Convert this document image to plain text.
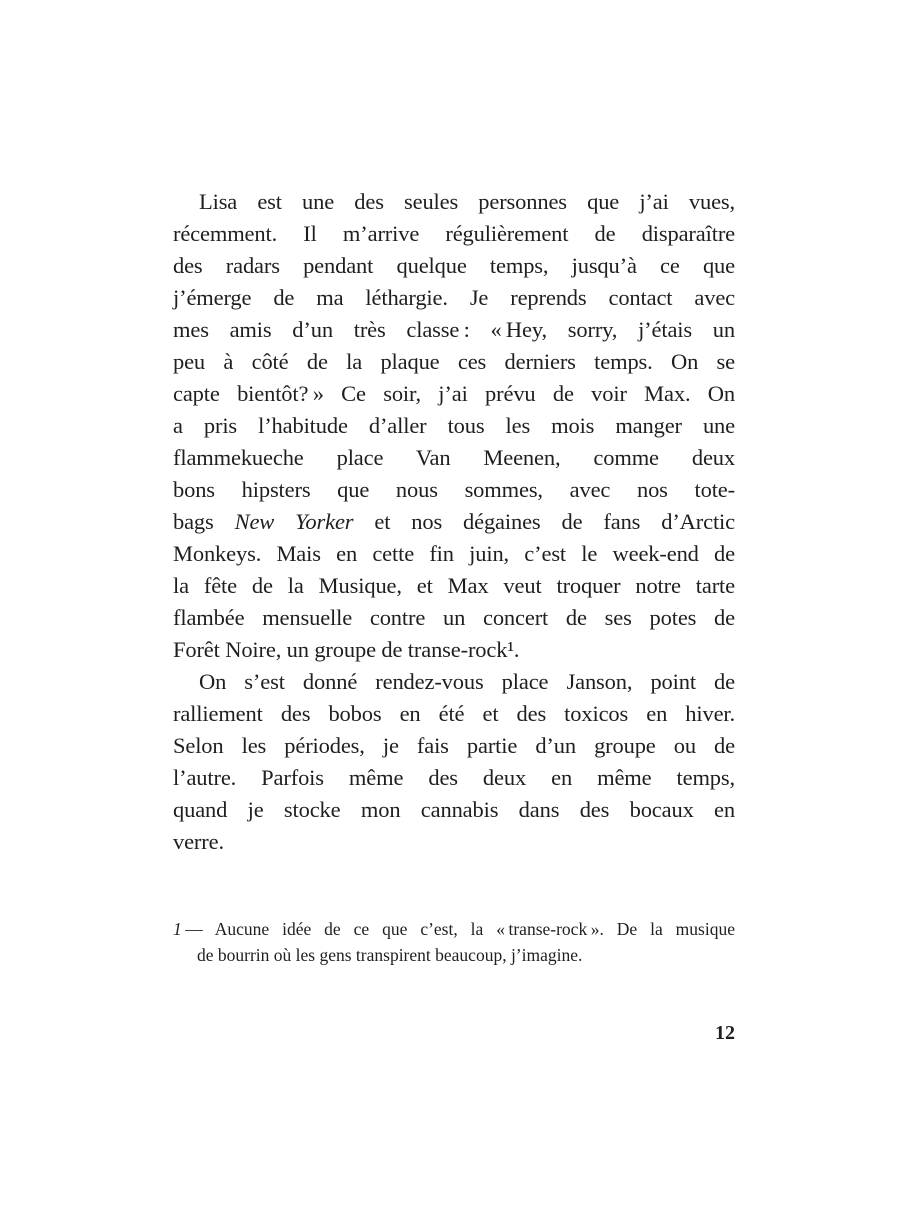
Lisa est une des seules personnes que j’ai vues,
récemment. Il m’arrive régulièrement de disparaître
des radars pendant quelque temps, jusqu’à ce que
j’émerge de ma léthargie. Je reprends contact avec
mes amis d’un très classe : « Hey, sorry, j’étais un
peu à côté de la plaque ces derniers temps. On se
capte bientôt? » Ce soir, j’ai prévu de voir Max. On
a pris l’habitude d’aller tous les mois manger une
flammekueche place Van Meenen, comme deux
bons hipsters que nous sommes, avec nos tote-
bags New Yorker et nos dégaines de fans d’Arctic
Monkeys. Mais en cette fin juin, c’est le week-end de
la fête de la Musique, et Max veut troquer notre tarte
flambée mensuelle contre un concert de ses potes de
Forêt Noire, un groupe de transe-rock¹.
On s’est donné rendez-vous place Janson, point de
ralliement des bobos en été et des toxicos en hiver.
Selon les périodes, je fais partie d’un groupe ou de
l’autre. Parfois même des deux en même temps,
quand je stocke mon cannabis dans des bocaux en
verre.
1 — Aucune idée de ce que c’est, la « transe-rock ». De la musique
de bourrin où les gens transpirent beaucoup, j’imagine.
12
